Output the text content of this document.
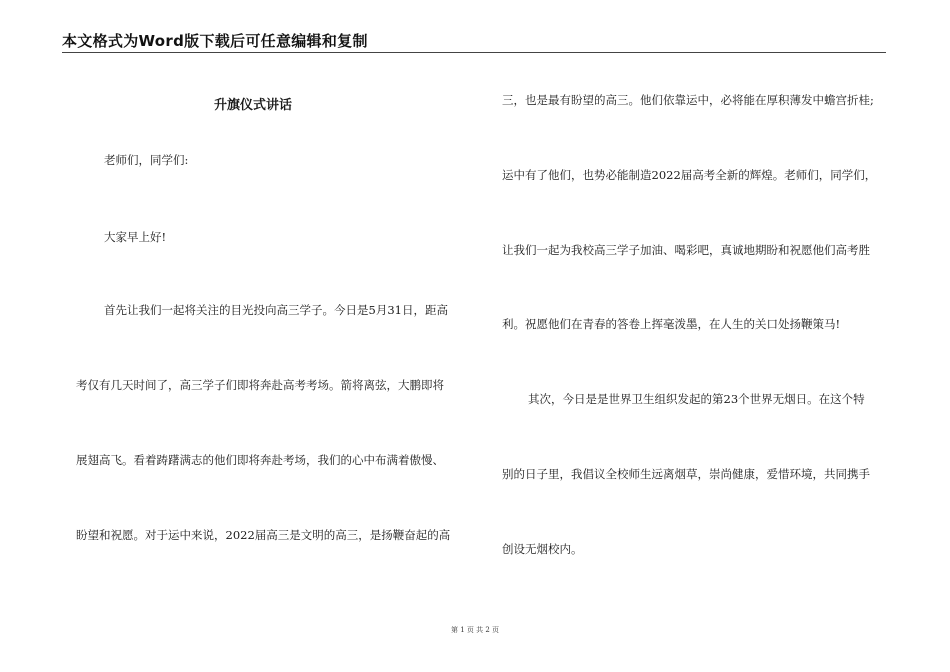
本文格式为Word版下载后可任意编辑和复制
升旗仪式讲话
老师们，同学们:
大家早上好!
首先让我们一起将关注的目光投向高三学子。今日是5月31日，距高
考仅有几天时间了，高三学子们即将奔赴高考考场。箭将离弦，大鹏即将
展翅高飞。看着踌躇满志的他们即将奔赴考场，我们的心中布满着傲慢、
盼望和祝愿。对于运中来说，2022届高三是文明的高三，是扬鞭奋起的高
三，也是最有盼望的高三。他们依靠运中，必将能在厚积薄发中蟾宫折桂;
运中有了他们，也势必能制造2022届高考全新的辉煌。老师们，同学们，
让我们一起为我校高三学子加油、喝彩吧，真诚地期盼和祝愿他们高考胜
利。祝愿他们在青春的答卷上挥毫泼墨，在人生的关口处扬鞭策马!
其次，今日是是世界卫生组织发起的第23个世界无烟日。在这个特
别的日子里，我倡议全校师生远离烟草，崇尚健康，爱惜环境，共同携手
创设无烟校内。
第 1 页 共 2 页
